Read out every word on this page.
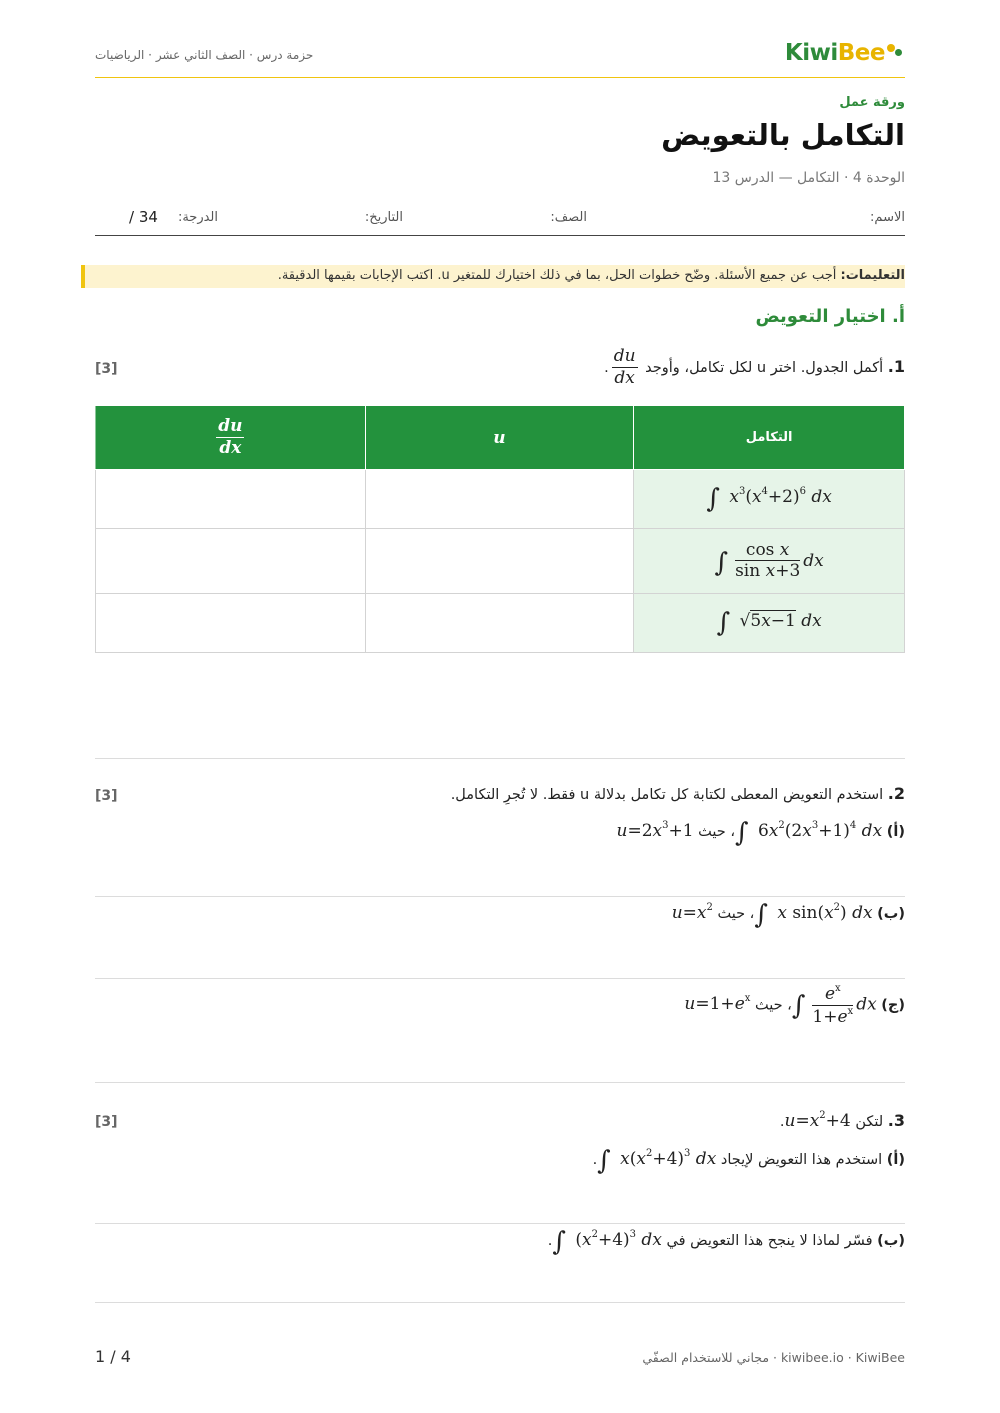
KiwiBee
حزمة درس · الصف الثاني عشر · الرياضيات
ورقة عمل
التكامل بالتعويض
الوحدة 4 · التكامل — الدرس 13
الاسم:
الصف:
التاريخ:
الدرجة:
/ 34
التعليمات: أجب عن جميع الأسئلة. وضّح خطوات الحل، بما في ذلك اختيارك للمتغير u. اكتب الإجابات بقيمها الدقيقة.
أ. اختيار التعويض
1. أكمل الجدول. اختر u لكل تكامل، وأوجد
$\frac{du}{dx}$
.
[3]
$\frac{du}{dx}$	u	التكامل
		∫ $x^3(x^4+2)^6$ dx
		∫ $\frac{\text{cos x}}{\text{sin x+3}}$ dx
		∫ √5x−1 dx
2. استخدم التعويض المعطى لكتابة كل تكامل بدلالة u فقط. لا تُجرِ التكامل.
[3]
(أ) ∫ $6x^2(2x^3+1)^4$ dx، حيث $u=2x^3+1$
(ب) ∫ x $\sin(x^2)$ dx، حيث $u=x^2$
(ج) ∫ $\frac{e^x}{1+e^x}$ dx، حيث $u=1+e^x$
3. لتكن $u=x^2+4$.
[3]
(أ) استخدم هذا التعويض لإيجاد ∫ $x(x^2+4)^3$ dx.
(ب) فسّر لماذا لا ينجح هذا التعويض في ∫ $(x^2+4)^3$ dx.
1 / 4	kiwibee.io · KiwiBee · مجاني للاستخدام الصفّي
